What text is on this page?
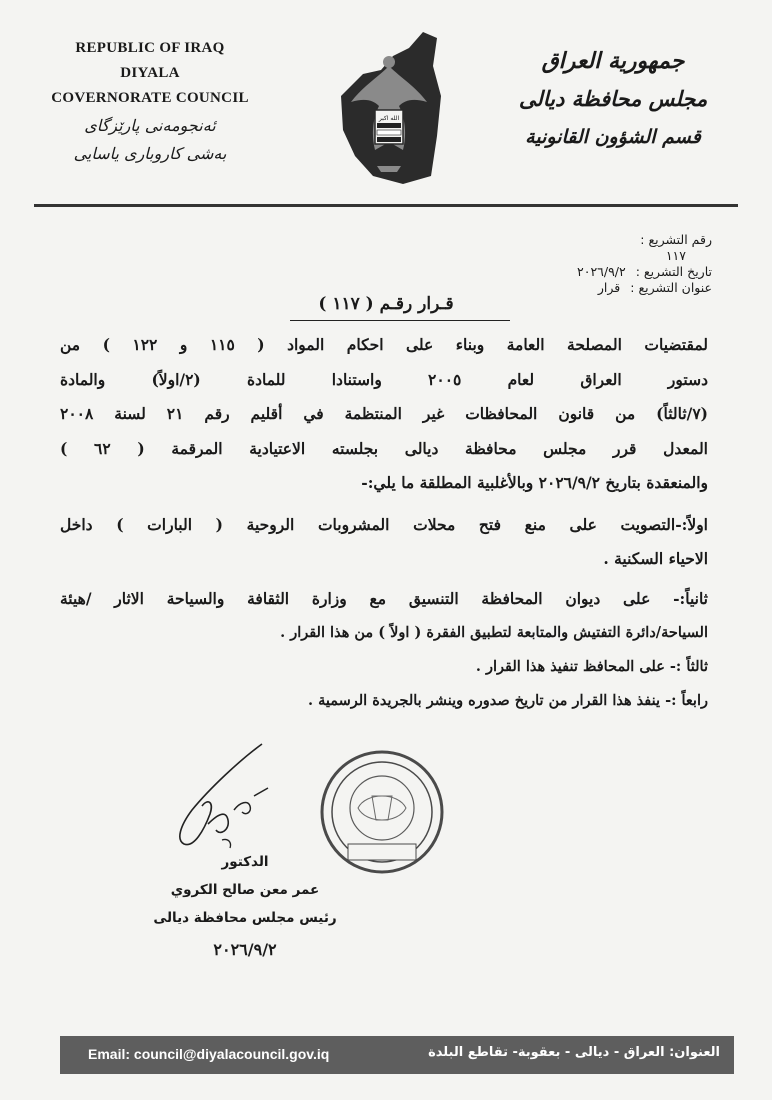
REPUBLIC OF IRAQ
DIYALA
COVERNORATE COUNCIL
ئەنجومەنی پارێزگای
بەشی کاروباری یاسایی
الله اكبر
جمهورية العراق
مجلس محافظة ديالى
قسم الشؤون القانونية
رقم التشريع :
١١٧
تاريخ التشريع : ٢٠٢٦/٩/٢
عنوان التشريع : قرار
قـرار رقـم ( ١١٧ )

لمقتضيات المصلحة العامة وبناء على احكام المواد ( ١١٥ و ١٢٢ ) من

دستور العراق لعام ٢٠٠٥ واستنادا للمادة (٢/اولاً) والمادة

(٧/ثالثاً) من قانون المحافظات غير المنتظمة في أقليم رقم ٢١ لسنة ٢٠٠٨

المعدل قرر مجلس محافظة ديالى بجلسته الاعتيادية المرقمة ( ٦٢ )

والمنعقدة بتاريخ ٢٠٢٦/٩/٢ وبالأغلبية المطلقة ما يلي:-

اولاً:-التصويت على منع فتح محلات المشروبات الروحية ( البارات ) داخل

الاحياء السكنية .

ثانياً:- على ديوان المحافظة التنسيق مع وزارة الثقافة والسياحة الاثار /هيئة

السياحة/دائرة التفتيش والمتابعة لتطبيق الفقرة ( اولاً ) من هذا القرار .

ثالثاً :- على المحافظ تنفيذ هذا القرار .

رابعاً :- ينفذ هذا القرار من تاريخ صدوره وينشر بالجريدة الرسمية .

الدكتور
عمر معن صالح الكروي
رئيس مجلس محافظة ديالى
٢٠٢٦/٩/٢
Email: council@diyalacouncil.gov.iq	العنوان: العراق - ديالى - بعقوبة- تقاطع البلدة
